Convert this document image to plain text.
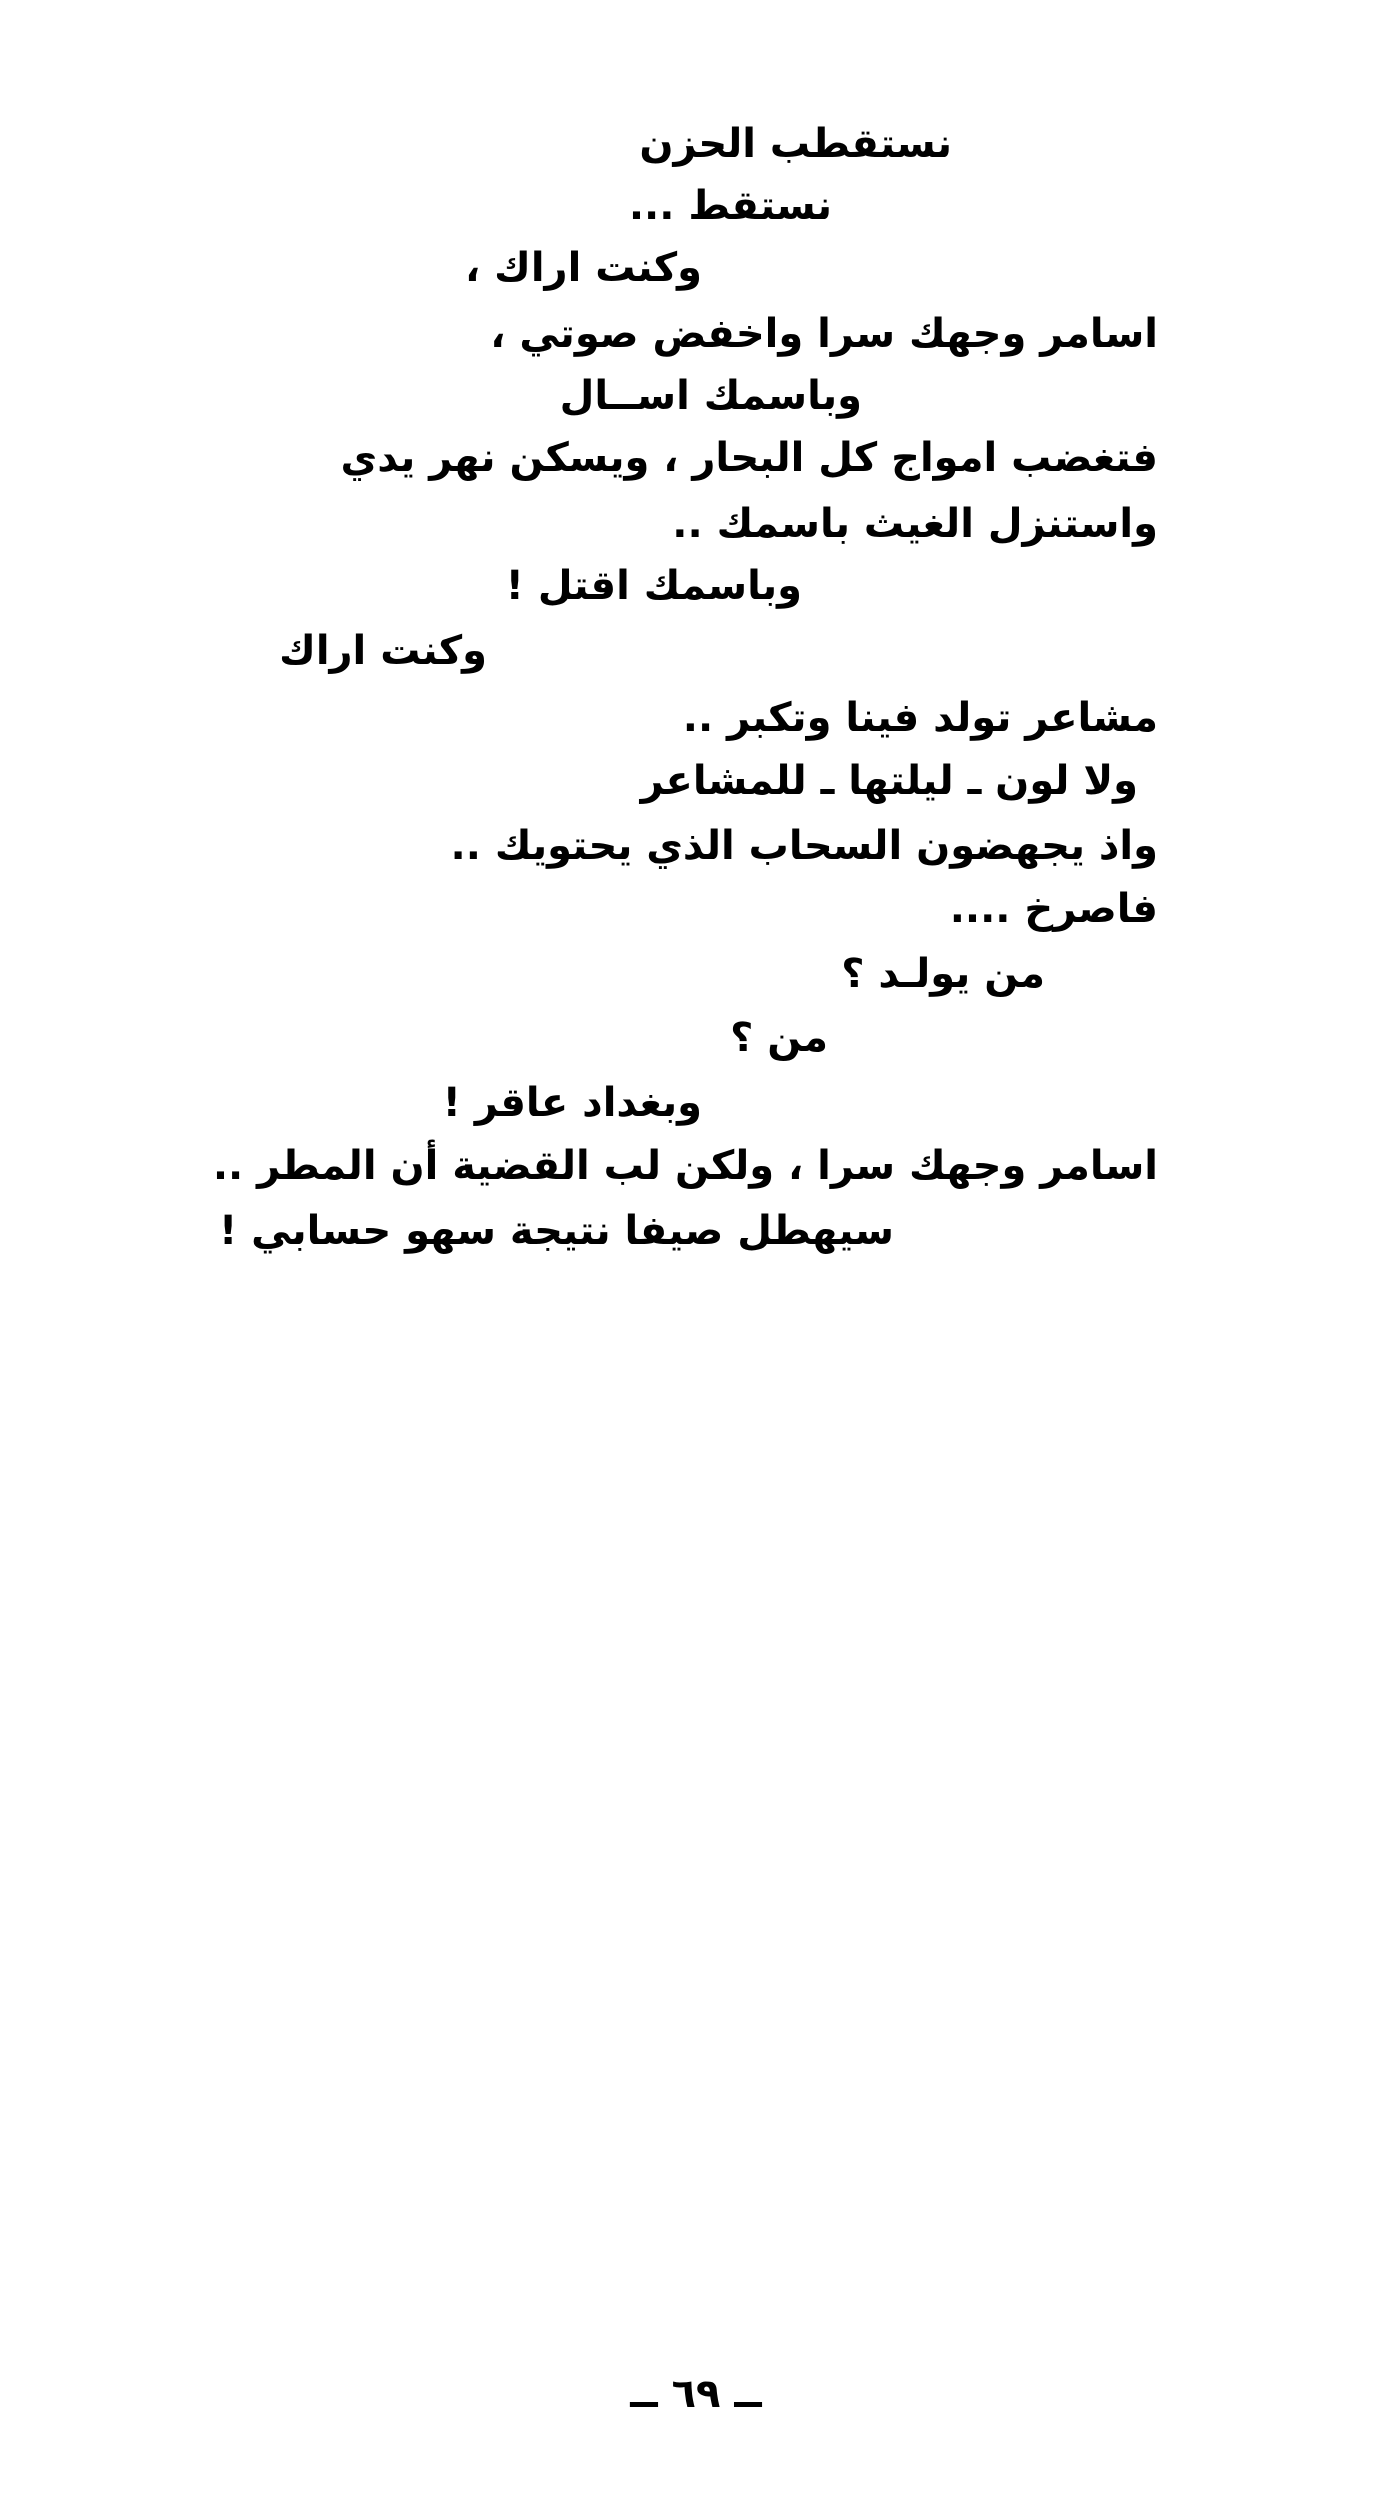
نستقطب الحزن
نستقط ...
وكنت اراك ،
اسامر وجهك سرا واخفض صوتي ،
وباسمك اســال
فتغضب امواج كل البحار ، ويسكن نهر يدي
واستنزل الغيث باسمك ..
وباسمك اقتل !
وكنت اراك
مشاعر تولد فينا وتكبر ..
ولا لون ـ ليلتها ـ للمشاعر
واذ يجهضون السحاب الذي يحتويك ..
فاصرخ ....
من يولـد ؟
من ؟
وبغداد عاقر !
اسامر وجهك سرا ، ولكن لب القضية أن المطر ..
سيهطل صيفا نتيجة سهو حسابي !
ــ ٦٩ ــ
